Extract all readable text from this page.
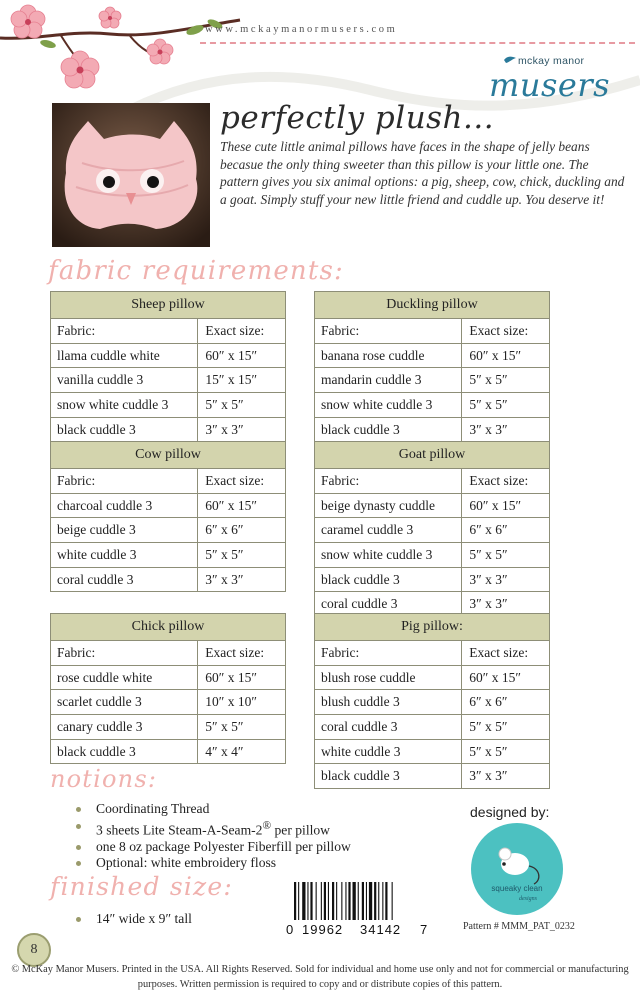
www.mckaymanormusers.com
mckay manor
musers
perfectly plush...
These cute little animal pillows have faces in the shape of jelly beans becasue the only thing sweeter than this pillow is your little one. The pattern gives you six animal options: a pig, sheep, cow, chick, duckling and a goat. Simply stuff your new little friend and cuddle up. You deserve it!
fabric requirements:
Sheep pillow	
Fabric:	Exact size:
llama cuddle white	60″ x 15″
vanilla cuddle 3	15″ x 15″
snow white cuddle 3	5″ x 5″
black cuddle 3	3″ x 3″
Cow pillow	
Fabric:	Exact size:
charcoal cuddle 3	60″ x 15″
beige cuddle 3	6″ x 6″
white cuddle 3	5″ x 5″
coral cuddle 3	3″ x 3″
Chick pillow	
Fabric:	Exact size:
rose cuddle white	60″ x 15″
scarlet cuddle 3	10″ x 10″
canary cuddle 3	5″ x 5″
black cuddle 3	4″ x 4″
Duckling pillow	
Fabric:	Exact size:
banana rose cuddle	60″ x 15″
mandarin cuddle 3	5″ x 5″
snow white cuddle 3	5″ x 5″
black cuddle 3	3″ x 3″
Goat pillow	
Fabric:	Exact size:
beige dynasty cuddle	60″ x 15″
caramel cuddle 3	6″ x 6″
snow white cuddle 3	5″ x 5″
black cuddle 3	3″ x 3″
coral cuddle 3	3″ x 3″
Pig pillow:	
Fabric:	Exact size:
blush rose cuddle	60″ x 15″
blush cuddle 3	6″ x 6″
coral cuddle 3	5″ x 5″
white cuddle 3	5″ x 5″
black cuddle 3	3″ x 3″
notions:
Coordinating Thread
3 sheets Lite Steam-A-Seam-2® per pillow
one 8 oz package Polyester Fiberfill per pillow
Optional: white embroidery floss
finished size:
14″ wide x 9″ tall
0 19962 34142 7
designed by:
squeaky clean
designs
Pattern # MMM_PAT_0232
8
© McKay Manor Musers. Printed in the USA. All Rights Reserved. Sold for individual and home use only and not for commercial or manufacturing purposes. Written permission is required to copy and or distribute copies of this pattern.
